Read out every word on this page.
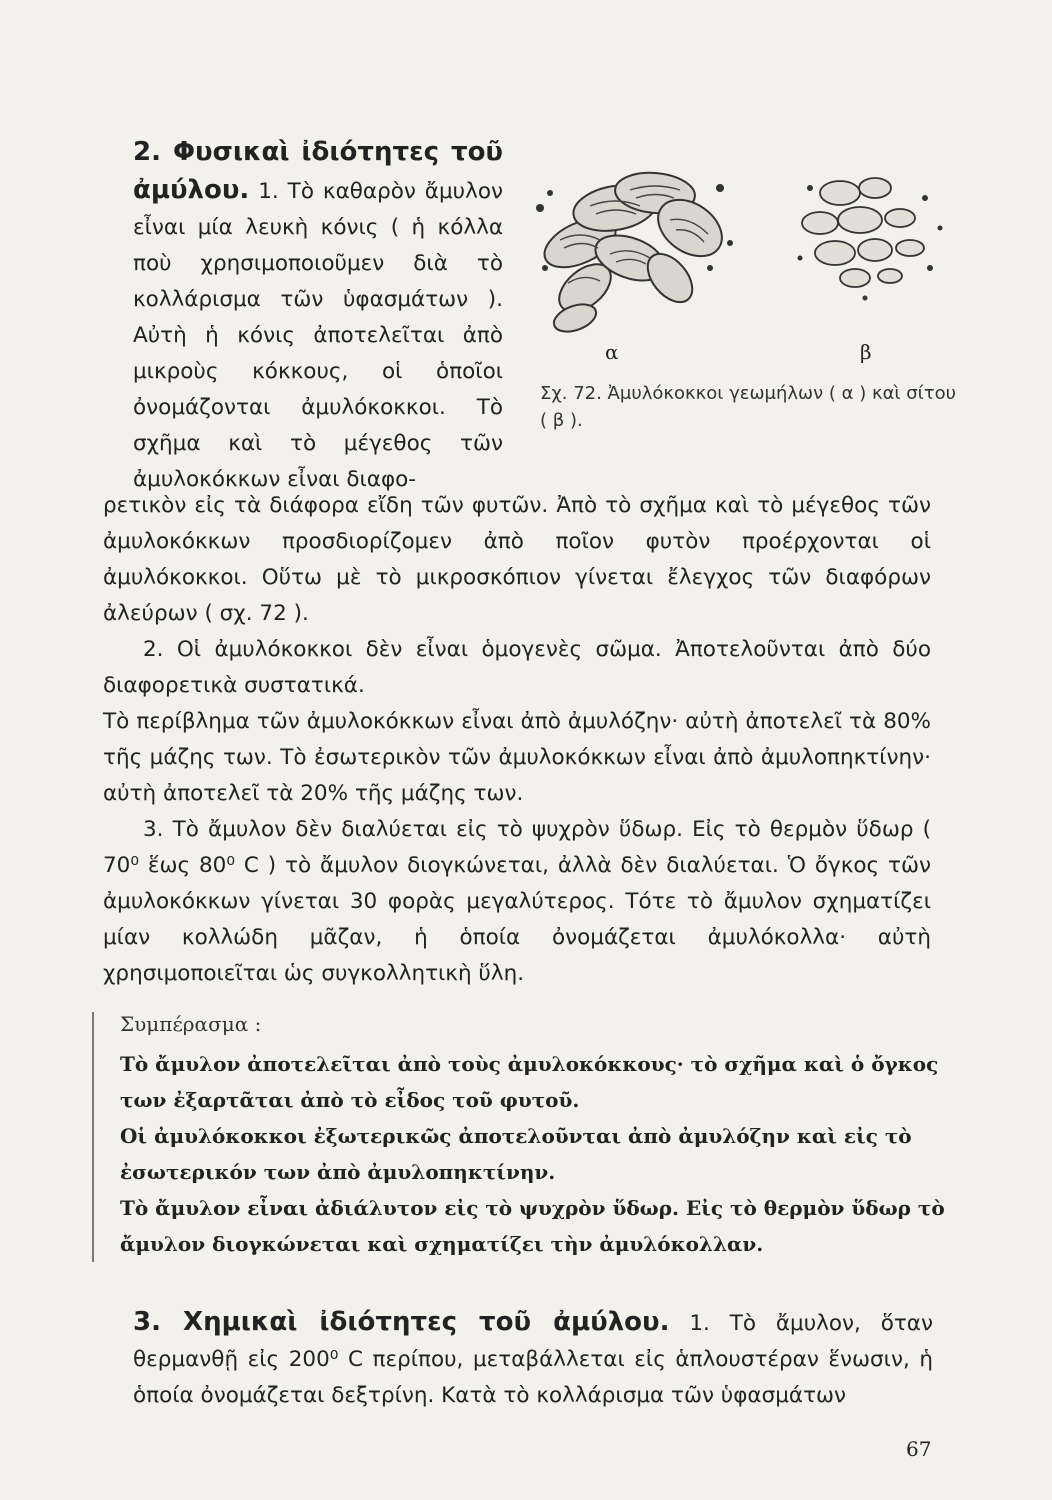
2. Φυσικαὶ ἰδιότητες τοῦ ἀμύλου. 1. Τὸ καθαρὸν ἄμυλον εἶναι μία λευκὴ κόνις ( ἡ κόλλα ποὺ χρησιμοποιοῦμεν διὰ τὸ κολλάρισμα τῶν ὑφασμάτων ). Αὐτὴ ἡ κόνις ἀποτελεῖται ἀπὸ μικροὺς κόκκους, οἱ ὁποῖοι ὀνομάζονται ἀμυλόκοκκοι. Τὸ σχῆμα καὶ τὸ μέγεθος τῶν ἀμυλοκόκκων εἶναι διαφο-
α	β
Σχ. 72. Ἀμυλόκοκκοι γεωμήλων ( α ) καὶ σίτου ( β ).

ρετικὸν εἰς τὰ διάφορα εἴδη τῶν φυτῶν. Ἀπὸ τὸ σχῆμα καὶ τὸ μέγεθος τῶν ἀμυλοκόκκων προσδιορίζομεν ἀπὸ ποῖον φυτὸν προέρχονται οἱ ἀμυλόκοκκοι. Οὕτω μὲ τὸ μικροσκόπιον γίνεται ἔλεγχος τῶν διαφόρων ἀλεύρων ( σχ. 72 ).

2. Οἱ ἀμυλόκοκκοι δὲν εἶναι ὁμογενὲς σῶμα. Ἀποτελοῦνται ἀπὸ δύο διαφορετικὰ συστατικά.

Τὸ περίβλημα τῶν ἀμυλοκόκκων εἶναι ἀπὸ ἀμυλόζην· αὐτὴ ἀποτελεῖ τὰ 80% τῆς μάζης των. Τὸ ἐσωτερικὸν τῶν ἀμυλοκόκκων εἶναι ἀπὸ ἀμυλοπηκτίνην· αὐτὴ ἀποτελεῖ τὰ 20% τῆς μάζης των.

3. Τὸ ἄμυλον δὲν διαλύεται εἰς τὸ ψυχρὸν ὕδωρ. Εἰς τὸ θερμὸν ὕδωρ ( 70⁰ ἕως 80⁰ C ) τὸ ἄμυλον διογκώνεται, ἀλλὰ δὲν διαλύεται. Ὁ ὄγκος τῶν ἀμυλοκόκκων γίνεται 30 φορὰς μεγαλύτερος. Τότε τὸ ἄμυλον σχηματίζει μίαν κολλώδη μᾶζαν, ἡ ὁποία ὀνομάζεται ἀμυλόκολλα· αὐτὴ χρησιμοποιεῖται ὡς συγκολλητικὴ ὕλη.

Συμπέρασμα :

Τὸ ἄμυλον ἀποτελεῖται ἀπὸ τοὺς ἀμυλοκόκκους· τὸ σχῆμα καὶ ὁ ὄγκος των ἐξαρτᾶται ἀπὸ τὸ εἶδος τοῦ φυτοῦ.

Οἱ ἀμυλόκοκκοι ἐξωτερικῶς ἀποτελοῦνται ἀπὸ ἀμυλόζην καὶ εἰς τὸ ἐσωτερικόν των ἀπὸ ἀμυλοπηκτίνην.

Τὸ ἄμυλον εἶναι ἀδιάλυτον εἰς τὸ ψυχρὸν ὕδωρ. Εἰς τὸ θερμὸν ὕδωρ τὸ ἄμυλον διογκώνεται καὶ σχηματίζει τὴν ἀμυλόκολλαν.

3. Χημικαὶ ἰδιότητες τοῦ ἀμύλου. 1. Τὸ ἄμυλον, ὅταν θερμανθῇ εἰς 200⁰ C περίπου, μεταβάλλεται εἰς ἁπλουστέραν ἕνωσιν, ἡ ὁποία ὀνομάζεται δεξτρίνη. Κατὰ τὸ κολλάρισμα τῶν ὑφασμάτων

67
